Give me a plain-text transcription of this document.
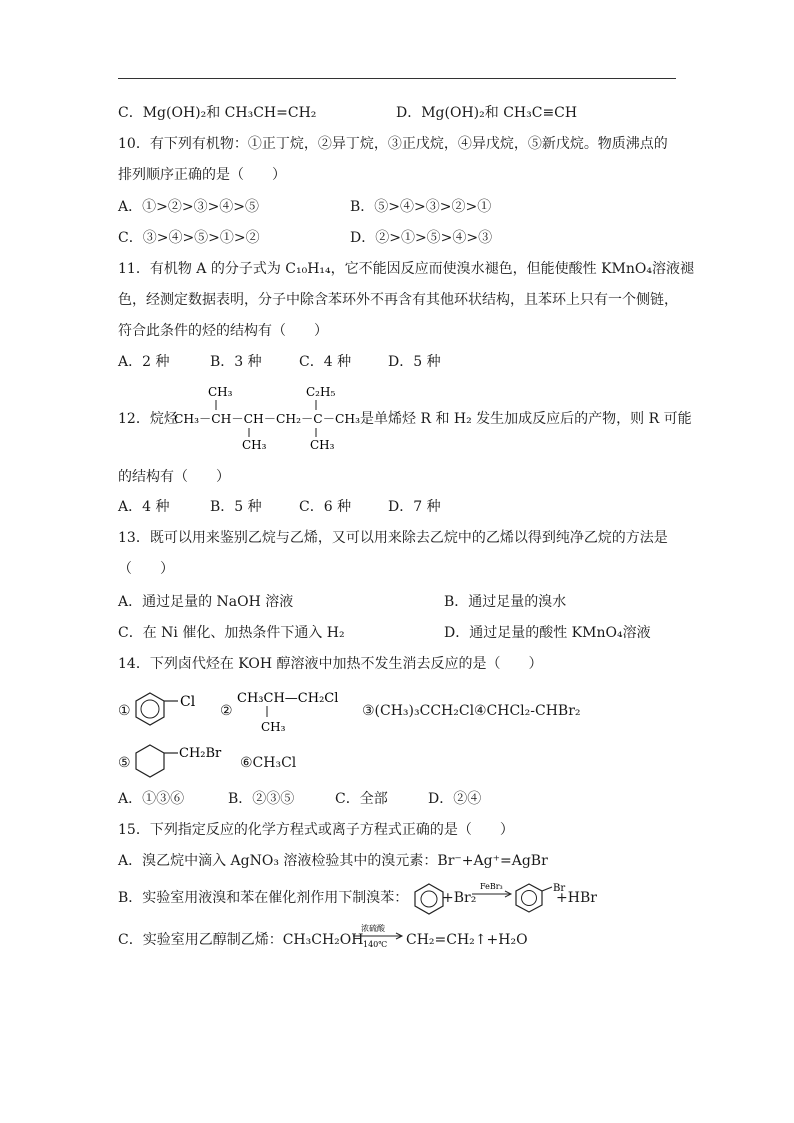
C．Mg(OH)₂和 CH₃CH=CH₂	D．Mg(OH)₂和 CH₃C≡CH
10．有下列有机物：①正丁烷，②异丁烷，③正戊烷，④异戊烷，⑤新戊烷。物质沸点的
排列顺序正确的是（　　）
A．①>②>③>④>⑤	B．⑤>④>③>②>①
C．③>④>⑤>①>②	D．②>①>⑤>④>③
11．有机物 A 的分子式为 C₁₀H₁₄，它不能因反应而使溴水褪色，但能使酸性 KMnO₄溶液褪
色，经测定数据表明，分子中除含苯环外不再含有其他环状结构，且苯环上只有一个侧链，
符合此条件的烃的结构有（　　）
A．2 种	B．3 种	C．4 种	D．5 种
12．烷烃
CH₃	C₂H₅
CH₃－CH－CH－CH₂－C－CH₃
CH₃	CH₃
是单烯烃 R 和 H₂ 发生加成反应后的产物，则 R 可能
的结构有（　　）
A．4 种	B．5 种	C．6 种	D．7 种
13．既可以用来鉴别乙烷与乙烯，又可以用来除去乙烷中的乙烯以得到纯净乙烷的方法是
（　　）
A．通过足量的 NaOH 溶液	B．通过足量的溴水
C．在 Ni 催化、加热条件下通入 H₂	D．通过足量的酸性 KMnO₄溶液
14．下列卤代烃在 KOH 醇溶液中加热不发生消去反应的是（　　）
①
Cl
②
CH₃CH—CH₂Cl
CH₃
③(CH₃)₃CCH₂Cl ④CHCl₂-CHBr₂
⑤
CH₂Br
⑥CH₃Cl
A．①③⑥	B．②③⑤	C．全部	D．②④
15．下列指定反应的化学方程式或离子方程式正确的是（　　）
A．溴乙烷中滴入 AgNO₃ 溶液检验其中的溴元素：Br⁻+Ag⁺=AgBr
B．实验室用液溴和苯在催化剂作用下制溴苯： +Br₂
FeBr₃	Br
+HBr
C．实验室用乙醇制乙烯：CH₃CH₂OH
浓硫酸
140℃ CH₂=CH₂↑+H₂O
